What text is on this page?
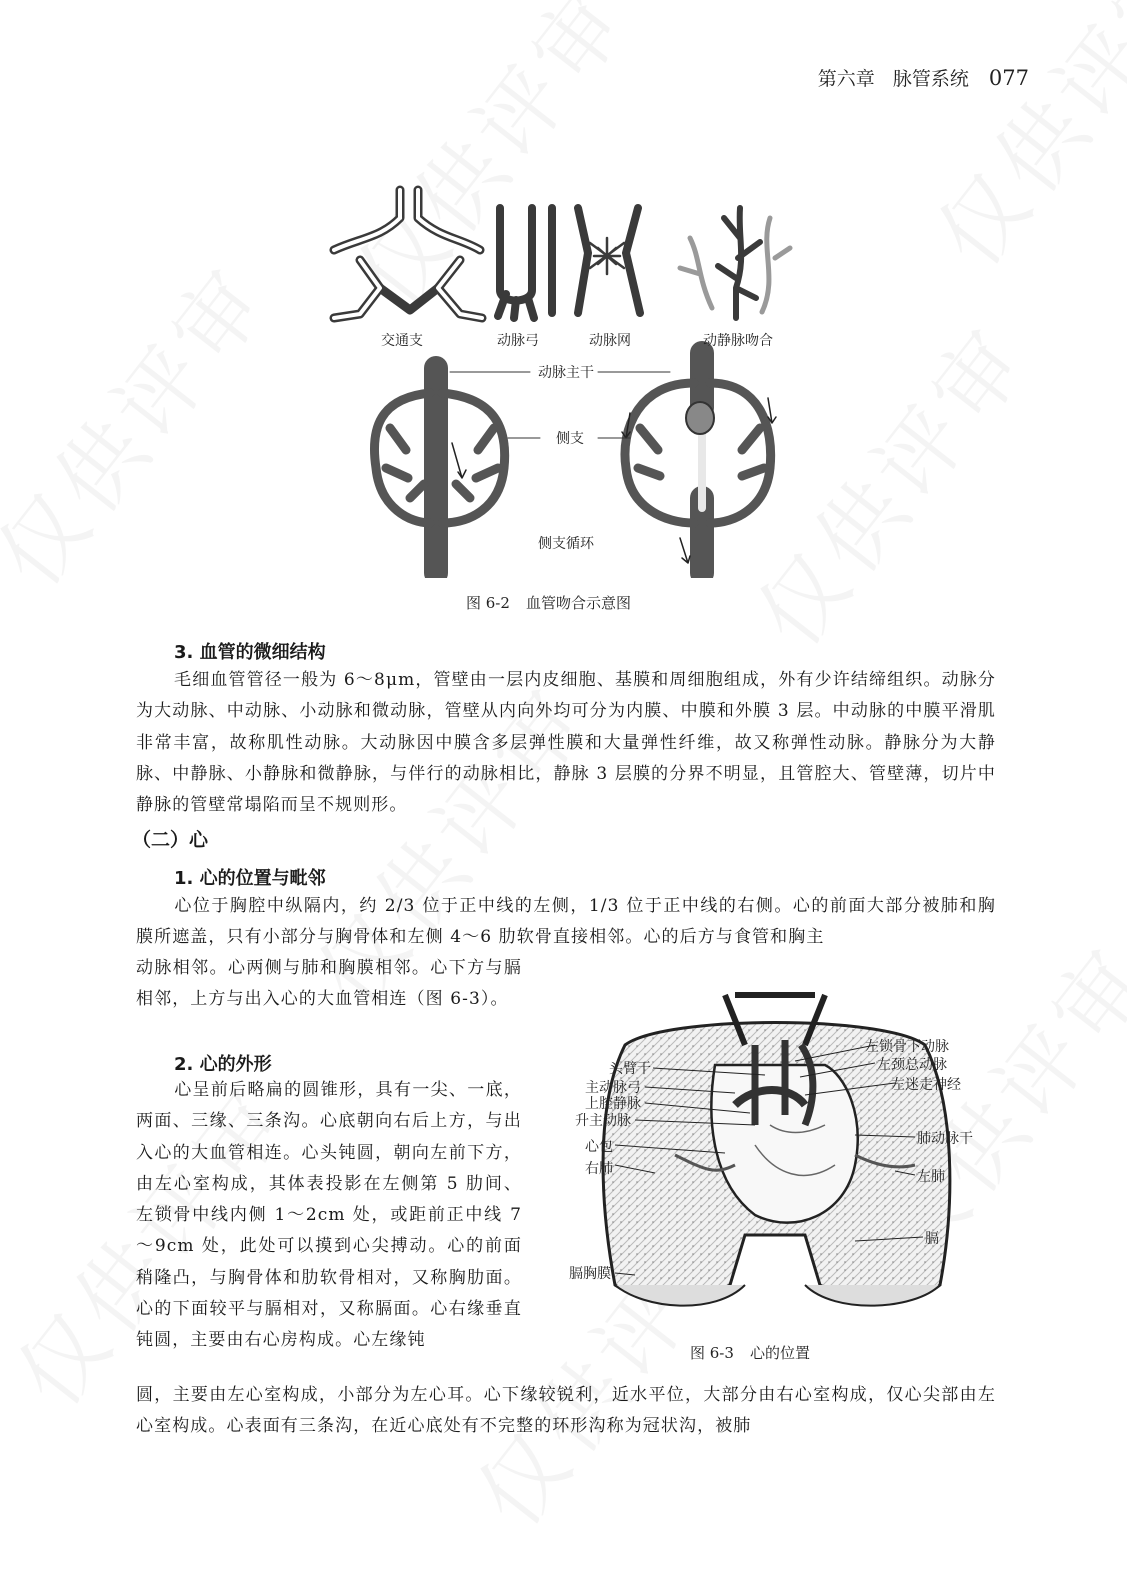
第六章 脉管系统 077
交通支	动脉弓	动脉网	动静脉吻合
动脉主干
侧支
侧支循环
图 6-2 血管吻合示意图
3. 血管的微细结构
毛细血管管径一般为 6～8μm，管壁由一层内皮细胞、基膜和周细胞组成，外有少许结缔组织。动脉分为大动脉、中动脉、小动脉和微动脉，管壁从内向外均可分为内膜、中膜和外膜 3 层。中动脉的中膜平滑肌非常丰富，故称肌性动脉。大动脉因中膜含多层弹性膜和大量弹性纤维，故又称弹性动脉。静脉分为大静脉、中静脉、小静脉和微静脉，与伴行的动脉相比，静脉 3 层膜的分界不明显，且管腔大、管壁薄，切片中静脉的管壁常塌陷而呈不规则形。
（二）心
1. 心的位置与毗邻
心位于胸腔中纵隔内，约 2/3 位于正中线的左侧，1/3 位于正中线的右侧。心的前面大部分被肺和胸膜所遮盖，只有小部分与胸骨体和左侧 4～6 肋软骨直接相邻。心的后方与食管和胸主
动脉相邻。心两侧与肺和胸膜相邻。心下方与膈相邻，上方与出入心的大血管相连（图 6-3）。
2. 心的外形
心呈前后略扁的圆锥形，具有一尖、一底，两面、三缘、三条沟。心底朝向右后上方，与出入心的大血管相连。心头钝圆，朝向左前下方，由左心室构成，其体表投影在左侧第 5 肋间、左锁骨中线内侧 1～2cm 处，或距前正中线 7～9cm 处，此处可以摸到心尖搏动。心的前面稍隆凸，与胸骨体和肋软骨相对，又称胸肋面。心的下面较平与膈相对，又称膈面。心右缘垂直钝圆，主要由右心房构成。心左缘钝
圆，主要由左心室构成，小部分为左心耳。心下缘较锐利，近水平位，大部分由右心室构成，仅心尖部由左心室构成。心表面有三条沟，在近心底处有不完整的环形沟称为冠状沟，被肺
头臂干
主动脉弓
上腔静脉
升主动脉
心包
右肺
膈胸膜
左锁骨下动脉
左颈总动脉
左迷走神经
肺动脉干
左肺
膈
图 6-3 心的位置
